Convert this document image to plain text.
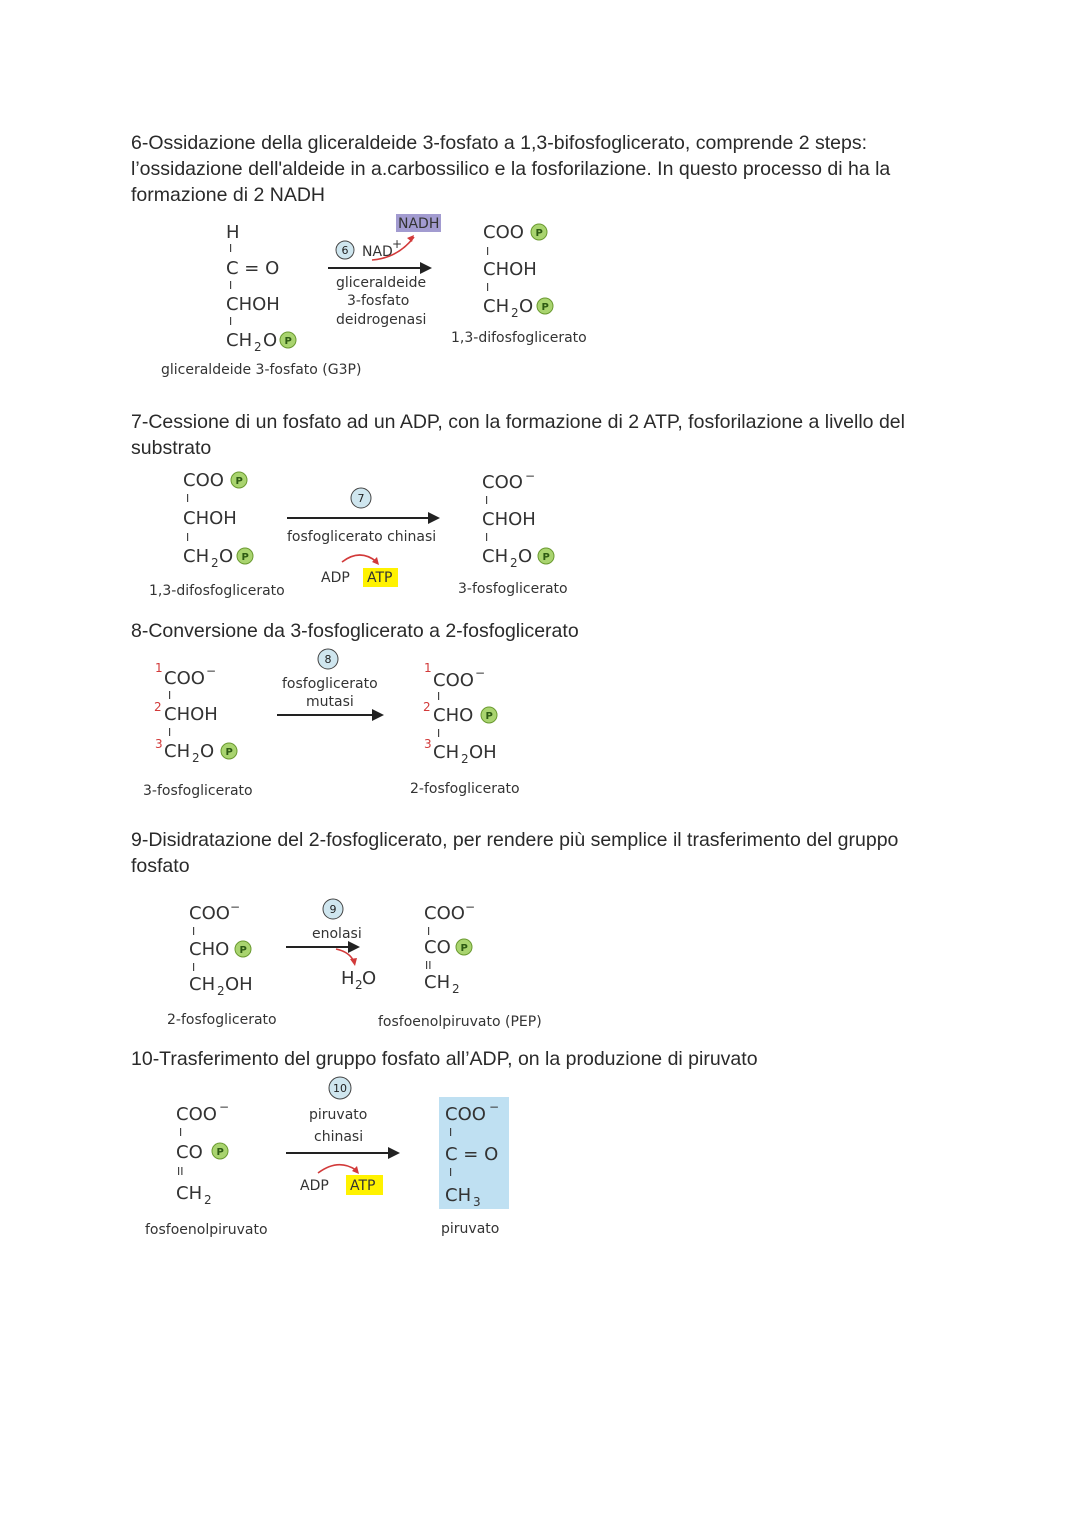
6-Ossidazione della gliceraldeide 3-fosfato a 1,3-bifosfoglicerato, comprende 2 steps: l’ossidazione dell'aldeide in a.carbossilico e la fosforilazione. In questo processo di ha la formazione di 2 NADH
H
I
C = O
I
CHOH
I
CH 2 O P
gliceraldeide 3-fosfato (G3P)
6 NAD +
NADH
gliceraldeide
3-fosfato
deidrogenasi
COO P
I
CHOH
I
CH 2 O P
1,3-difosfoglicerato
7-Cessione di un fosfato ad un ADP, con la formazione di 2 ATP, fosforilazione a livello del substrato
COO P
I
CHOH
I
CH 2 O P
1,3-difosfoglicerato
7
fosfoglicerato chinasi
ADP ATP
COO −
I
CHOH
I
CH 2 O P
3-fosfoglicerato
8-Conversione da 3-fosfoglicerato a 2-fosfoglicerato
1 COO −
I
2 CHOH
I
3 CH 2 O P
3-fosfoglicerato
8
fosfoglicerato
mutasi
1
COO −
I
2 CHO P
I
3 CH 2 OH
2-fosfoglicerato
9-Disidratazione del 2-fosfoglicerato, per rendere più semplice il trasferimento del gruppo fosfato
COO −
I
CHO P
I
CH 2 OH
2-fosfoglicerato
9
enolasi
H 2 O
COO −
I
CO P
II
CH 2
fosfoenolpiruvato (PEP)
10-Trasferimento del gruppo fosfato all’ADP, on la produzione di piruvato
COO −
I
CO P
II
CH 2
fosfoenolpiruvato
10
piruvato
chinasi
ADP ATP
COO −
I
C = O
I
CH 3
piruvato
